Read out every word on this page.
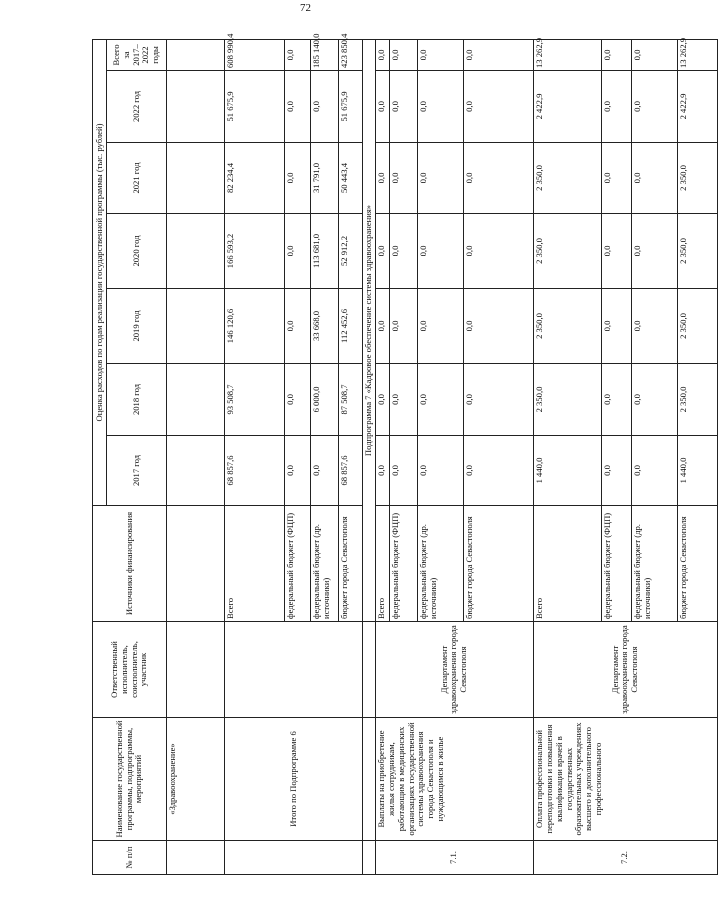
72
№ п/п	Наименование государственной программы, подпрограммы, мероприятий	Ответственный исполнитель, соисполнитель, участник	Источники финансирования	Оценка расходов по годам реализации государственной программы (тыс. рублей)						
				2017 год	2018 год	2019 год	2020 год	2021 год	2022 год	Всего за 2017–2022 годы
	«Здравоохранение»									
	Итого по Подпрограмме 6		Всего	68 857,6	93 508,7	146 120,6	166 593,2	82 234,4	51 675,9	608 990,4
			федеральный бюджет (ФЦП)	0,0	0,0	0,0	0,0	0,0	0,0	0,0
			федеральный бюджет (др. источники)	0,0	6 000,0	33 668,0	113 681,0	31 791,0	0,0	185 140,0
			бюджет города Севастополя	68 857,6	87 508,7	112 452,6	52 912,2	50 443,4	51 675,9	423 850,4
			Подпрограмма 7 «Кадровое обеспечение системы здравоохранения»							
7.1.	Выплаты на приобретение жилья сотрудникам, работающим в медицинских организациях государственной системы здравоохранения города Севастополя и нуждающимся в жилье	Департамент здравоохранения города Севастополя	Всего	0,0	0,0	0,0	0,0	0,0	0,0	0,0
			федеральный бюджет (ФЦП)	0,0	0,0	0,0	0,0	0,0	0,0	0,0
			федеральный бюджет (др. источники)	0,0	0,0	0,0	0,0	0,0	0,0	0,0
			бюджет города Севастополя	0,0	0,0	0,0	0,0	0,0	0,0	0,0
7.2.	Оплата профессиональной переподготовки и повышения квалификации врачей в государственных образовательных учреждениях высшего и дополнительного профессионального	Департамент здравоохранения города Севастополя	Всего	1 440,0	2 350,0	2 350,0	2 350,0	2 350,0	2 422,9	13 262,9
			федеральный бюджет (ФЦП)	0,0	0,0	0,0	0,0	0,0	0,0	0,0
			федеральный бюджет (др. источники)	0,0	0,0	0,0	0,0	0,0	0,0	0,0
			бюджет города Севастополя	1 440,0	2 350,0	2 350,0	2 350,0	2 350,0	2 422,9	13 262,9
